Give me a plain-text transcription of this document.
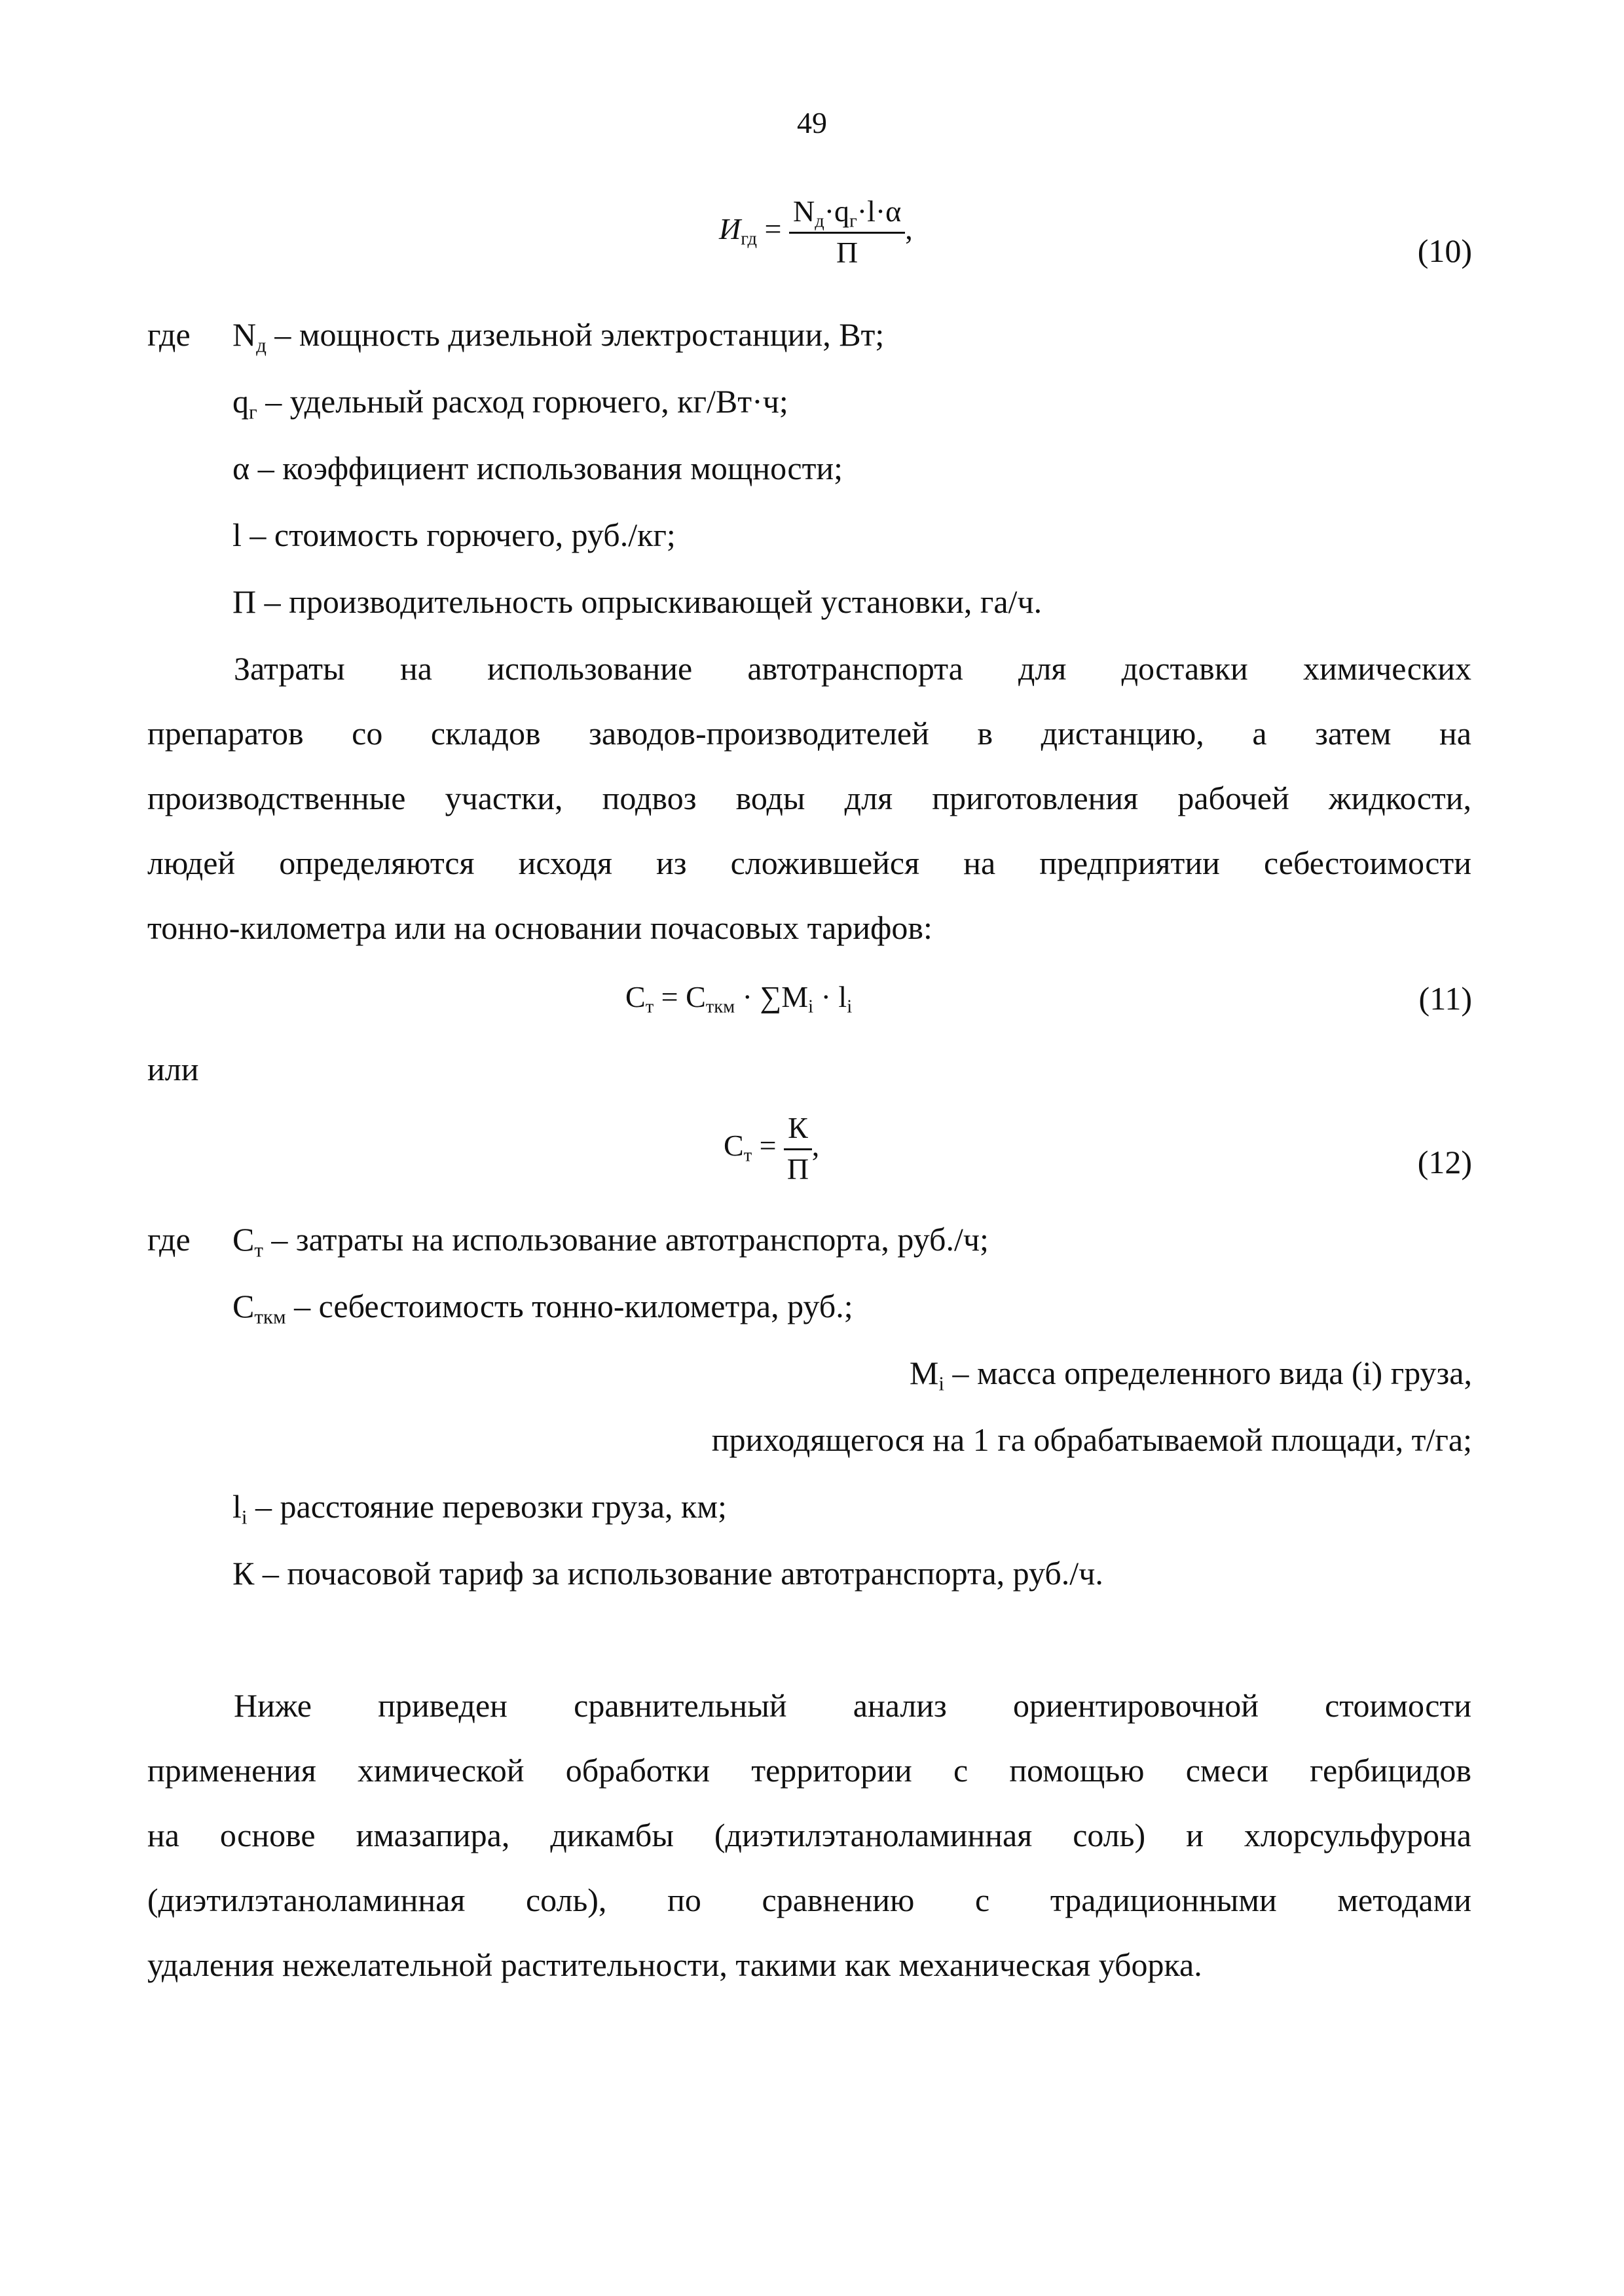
49
$И_{гд} = \frac{N_д\cdot q_г\cdot l\cdot\alpha}{П}$ ,
(10)
где $N_д$ – мощность дизельной электростанции, Вт;
$q_г$ – удельный расход горючего, кг/Вт·ч;
α – коэффициент использования мощности;
l – стоимость горючего, руб./кг;
П – производительность опрыскивающей установки, га/ч.
Затраты на использование автотранспорта для доставки химических
препаратов со складов заводов-производителей в дистанцию, а затем на
производственные участки, подвоз воды для приготовления рабочей жидкости,
людей определяются исходя из сложившейся на предприятии себестоимости
тонно-километра или на основании почасовых тарифов:
$С_т = С_{ткм} \cdot \sum M_i \cdot l_i$	(11)
или
$С_т = \frac{К}{П}$ ,	(12)
где $С_т$ – затраты на использование автотранспорта, руб./ч;
$С_{ткм}$ – себестоимость тонно-километра, руб.;
$M_i$ – масса определенного вида (i) груза,
приходящегося на 1 га обрабатываемой площади, т/га;
$l_i$ – расстояние перевозки груза, км;
К – почасовой тариф за использование автотранспорта, руб./ч.
Ниже приведен сравнительный анализ ориентировочной стоимости
применения химической обработки территории с помощью смеси гербицидов
на основе имазапира, дикамбы (диэтилэтаноламинная соль) и хлорсульфурона
(диэтилэтаноламинная соль), по сравнению с традиционными методами
удаления нежелательной растительности, такими как механическая уборка.
